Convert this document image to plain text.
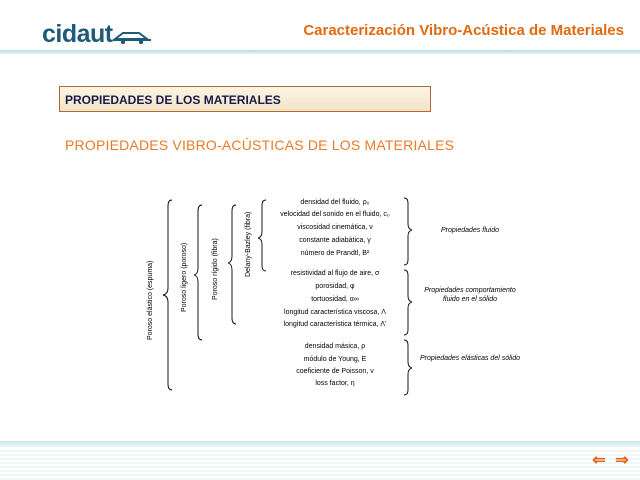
cidaut	Caracterización Vibro-Acústica de Materiales
PROPIEDADES DE LOS MATERIALES
PROPIEDADES VIBRO-ACÚSTICAS DE LOS MATERIALES
Poroso elástico (espuma)	Poroso ligero (poroso)	Poroso rígido (fibra)	Delany-Bazley (fibra)
densidad del fluido, ρ₀
velocidad del sonido en el fluido, c₀
viscosidad cinemática, ν
constante adiabática, γ
número de Prandtl, B²
resistividad al flujo de aire, σ
porosidad, φ
tortuosidad, α∞
longitud característica viscosa, Λ
longitud característica térmica, Λ'
densidad másica, ρ
módulo de Young, E
coeficiente de Poisson, ν
loss factor, η
Propiedades fluido
Propiedades comportamiento fluido en el sólido
Propiedades elásticas del sólido
⇐ ⇒
